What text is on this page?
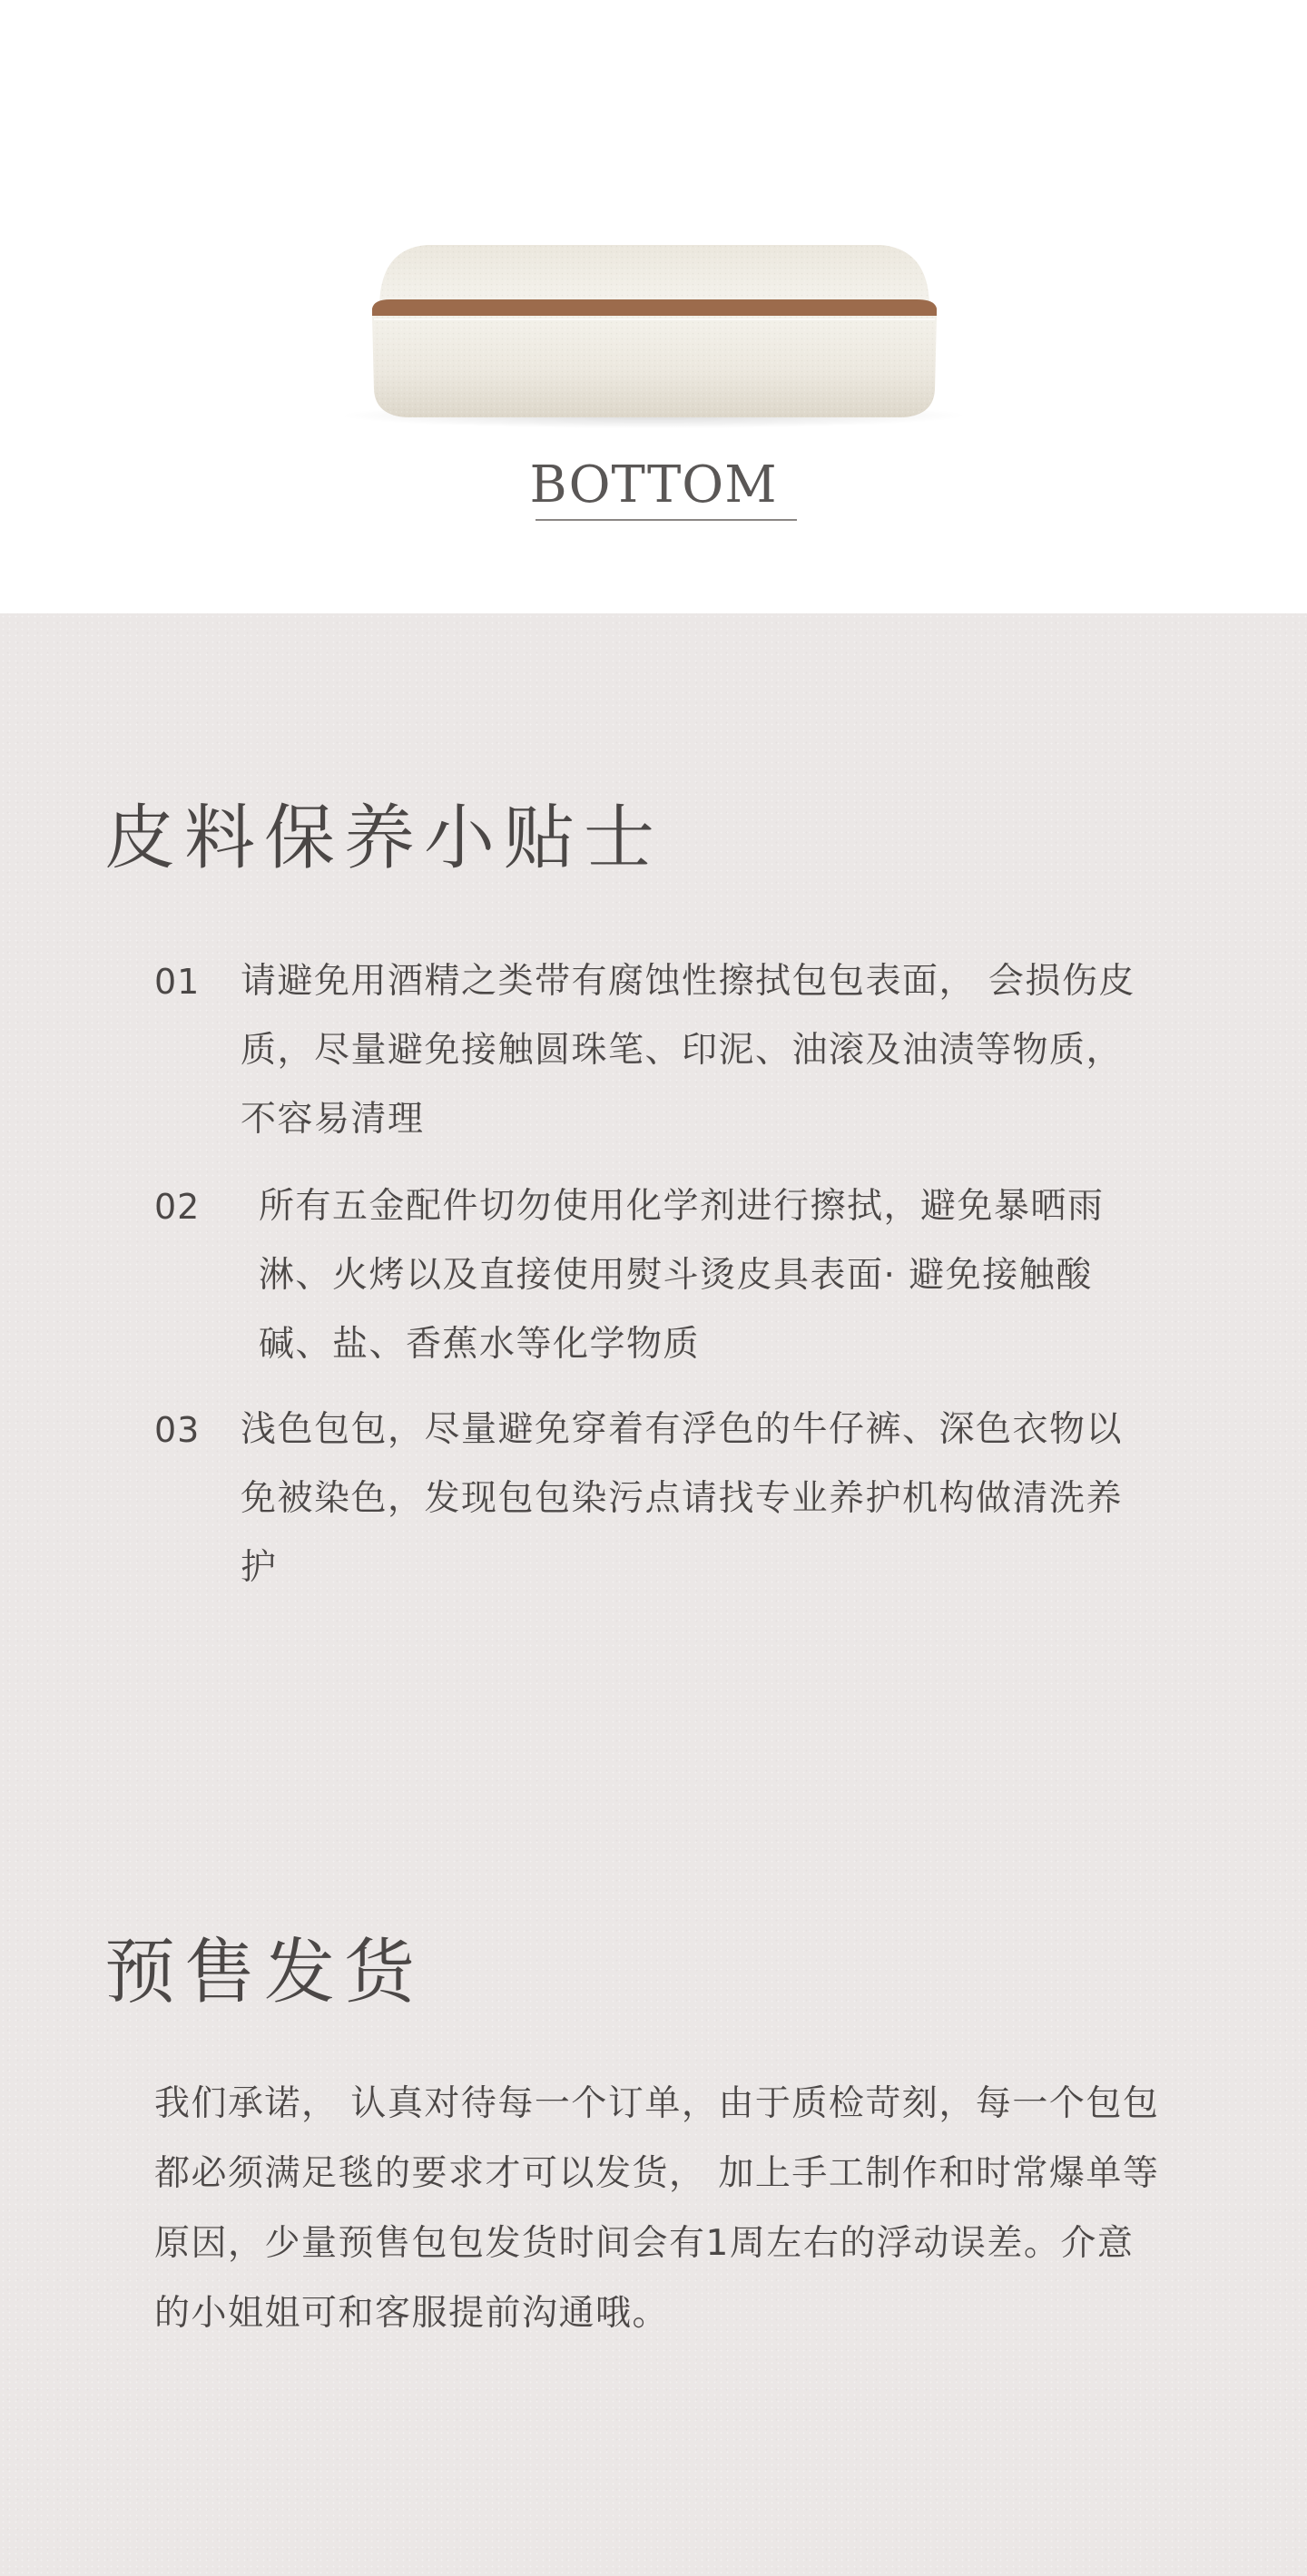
BOTTOM
皮料保养小贴士
01 请避免用酒精之类带有腐蚀性擦拭包包表面， 会损伤皮质，尽量避免接触圆珠笔、印泥、油滚及油渍等物质，不容易清理
02 所有五金配件切勿使用化学剂进行擦拭，避免暴晒雨淋、火烤以及直接使用熨斗烫皮具表面· 避免接触酸碱、盐、香蕉水等化学物质
03 浅色包包，尽量避免穿着有浮色的牛仔裤、深色衣物以免被染色，发现包包染污点请找专业养护机构做清洗养护
预售发货

我们承诺， 认真对待每一个订单，由于质检苛刻，每一个包包都必须满足毯的要求才可以发货， 加上手工制作和时常爆单等原因，少量预售包包发货时间会有1周左右的浮动误差。介意的小姐姐可和客服提前沟通哦。
